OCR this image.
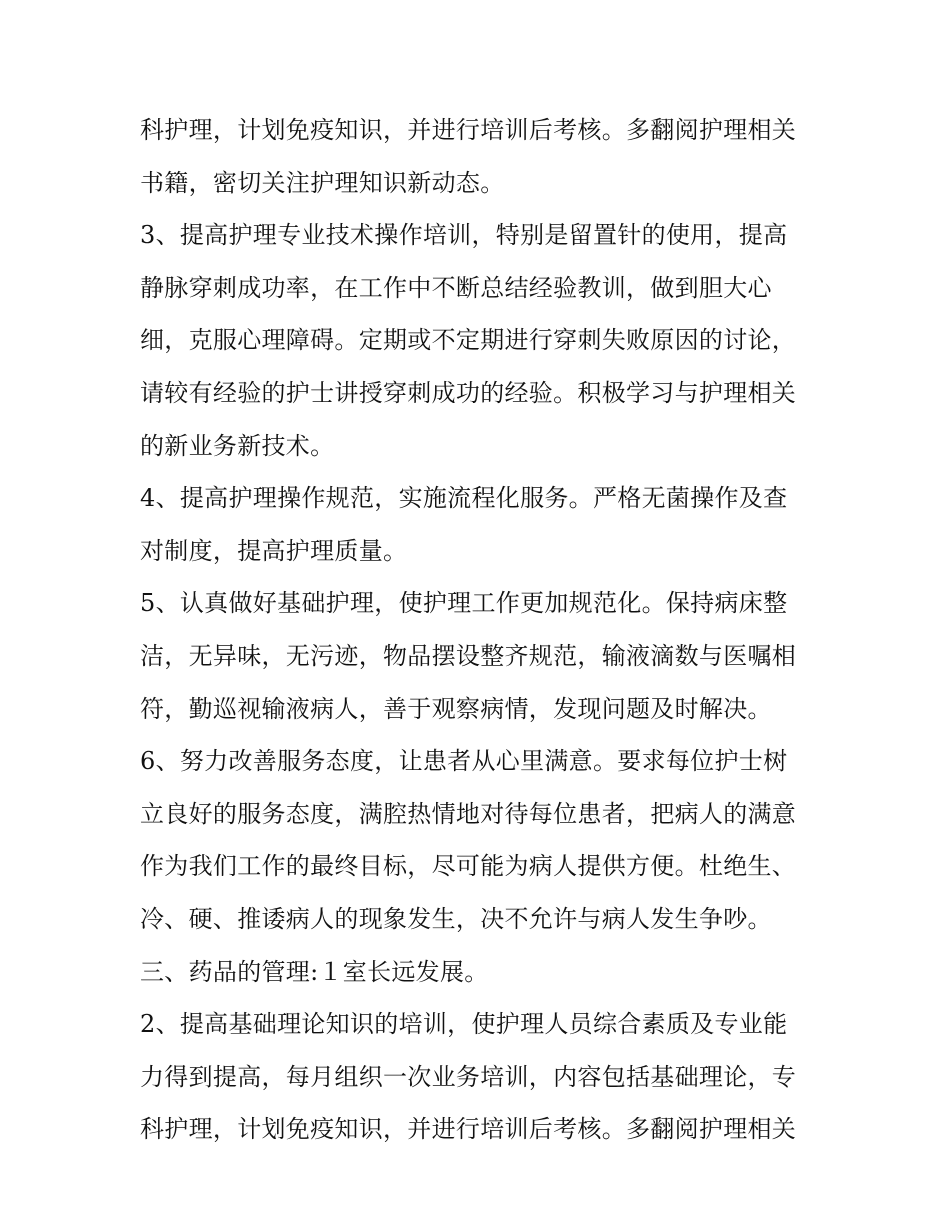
科护理，计划免疫知识，并进行培训后考核。多翻阅护理相关
书籍，密切关注护理知识新动态。
3、提高护理专业技术操作培训，特别是留置针的使用，提高
静脉穿刺成功率，在工作中不断总结经验教训，做到胆大心
细，克服心理障碍。定期或不定期进行穿刺失败原因的讨论，
请较有经验的护士讲授穿刺成功的经验。积极学习与护理相关
的新业务新技术。
4、提高护理操作规范，实施流程化服务。严格无菌操作及查
对制度，提高护理质量。
5、认真做好基础护理，使护理工作更加规范化。保持病床整
洁，无异味，无污迹，物品摆设整齐规范，输液滴数与医嘱相
符，勤巡视输液病人，善于观察病情，发现问题及时解决。
6、努力改善服务态度，让患者从心里满意。要求每位护士树
立良好的服务态度，满腔热情地对待每位患者，把病人的满意
作为我们工作的最终目标，尽可能为病人提供方便。杜绝生、
冷、硬、推诿病人的现象发生，决不允许与病人发生争吵。
三、药品的管理:１室长远发展。
2、提高基础理论知识的培训，使护理人员综合素质及专业能
力得到提高，每月组织一次业务培训，内容包括基础理论，专
科护理，计划免疫知识，并进行培训后考核。多翻阅护理相关
